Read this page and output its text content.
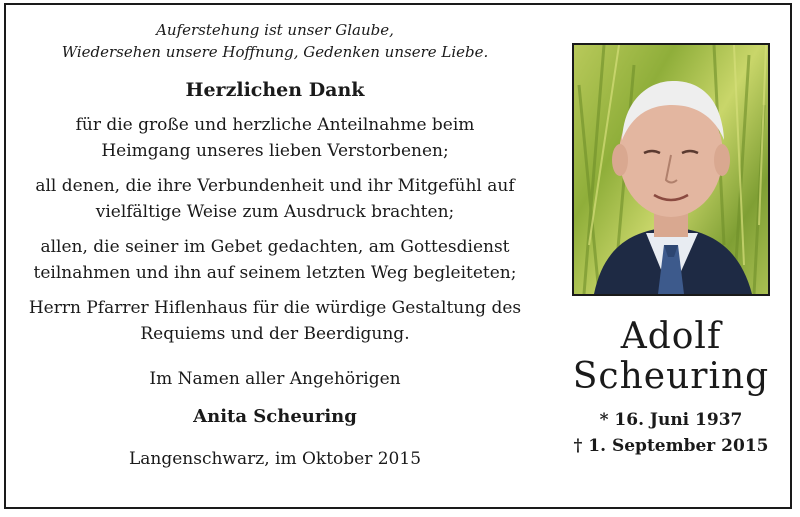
Auferstehung ist unser Glaube,
Wiedersehen unsere Hoffnung, Gedenken unsere Liebe.
Herzlichen Dank
für die große und herzliche Anteilnahme beim
Heimgang unseres lieben Verstorbenen;
all denen, die ihre Verbundenheit und ihr Mitgefühl auf
vielfältige Weise zum Ausdruck brachten;
allen, die seiner im Gebet gedachten, am Gottesdienst
teilnahmen und ihn auf seinem letzten Weg begleiteten;
Herrn Pfarrer Hiflenhaus für die würdige Gestaltung des
Requiems und der Beerdigung.
Im Namen aller Angehörigen
Anita Scheuring
Langenschwarz, im Oktober 2015
Adolf
Scheuring
* 16. Juni 1937
† 1. September 2015
